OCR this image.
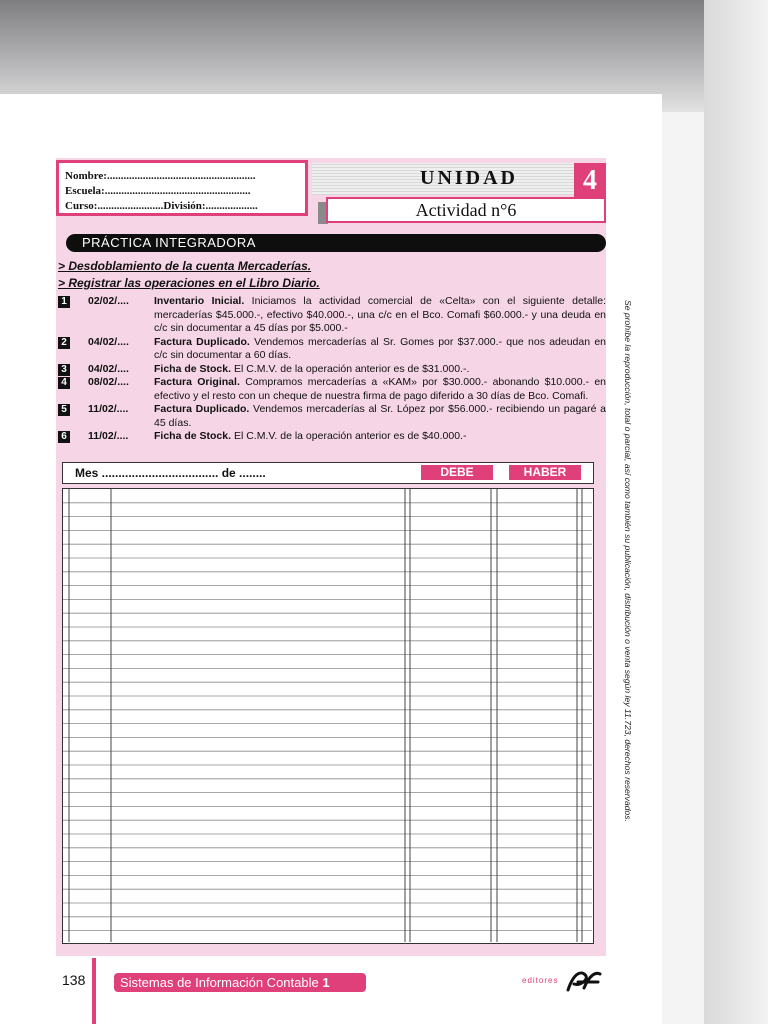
Nombre:......................................................
Escuela:.....................................................
Curso:........................División:...................
UNIDAD	4
Actividad n°6
PRÁCTICA INTEGRADORA
> Desdoblamiento de la cuenta Mercaderías.
> Registrar las operaciones en el Libro Diario.
1	02/02/.... Inventario Inicial. Iniciamos la actividad comercial de «Celta» con el siguiente detalle: mercaderías $45.000.-, efectivo $40.000.-, una c/c en el Bco. Comafi $60.000.- y una deuda en c/c sin documentar a 45 días por $5.000.-
2	04/02/.... Factura Duplicado. Vendemos mercaderías al Sr. Gomes por $37.000.- que nos adeudan en c/c sin documentar a 60 días.
3	04/02/.... Ficha de Stock. El C.M.V. de la operación anterior es de $31.000.-.
4	08/02/.... Factura Original. Compramos mercaderías a «KAM» por $30.000.- abonando $10.000.- en efectivo y el resto con un cheque de nuestra firma de pago diferido a 30 días de Bco. Comafi.
5	11/02/.... Factura Duplicado. Vendemos mercaderías al Sr. López por $56.000.- recibiendo un pagaré a 45 días.
6	11/02/.... Ficha de Stock. El C.M.V. de la operación anterior es de $40.000.-
Mes ................................... de ........	DEBE	HABER	Se prohíbe la reproducción, total o parcial, así como también su publicación, distribución o venta según ley 11.723, derechos reservados.
138	Sistemas de Información Contable 1	editores
